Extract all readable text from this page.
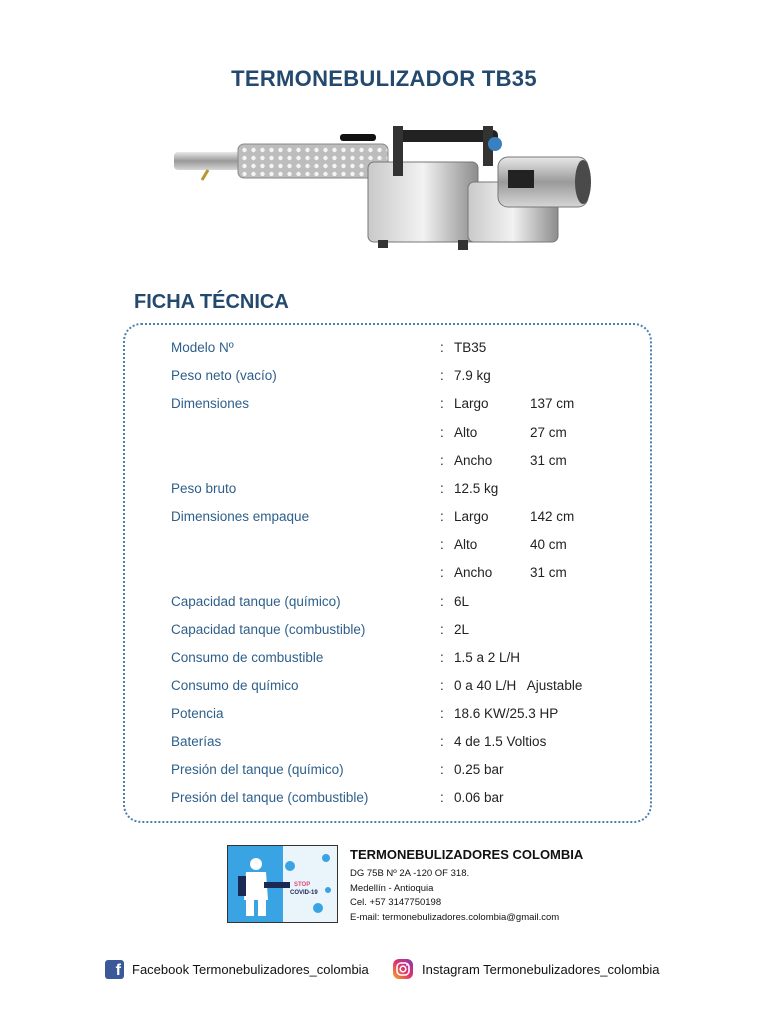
TERMONEBULIZADOR TB35
FICHA TÉCNICA
Modelo Nº	: TB35
Peso neto (vacío)	: 7.9 kg
Dimensiones	: Largo	137 cm
: Alto	27 cm
: Ancho	31 cm
Peso bruto	: 12.5 kg
Dimensiones empaque	: Largo	142 cm
: Alto	40 cm
: Ancho	31 cm
Capacidad tanque (químico)	: 6L
Capacidad tanque (combustible)	: 2L
Consumo de combustible	: 1.5 a 2 L/H
Consumo de químico	: 0 a 40 L/H   Ajustable
Potencia	: 18.6 KW/25.3 HP
Baterías	: 4 de 1.5 Voltios
Presión del tanque (químico)	: 0.25 bar
Presión del tanque (combustible)	: 0.06 bar
STOP
COVID-19
TERMONEBULIZADORES COLOMBIA
DG 75B Nº 2A -120 OF 318.
Medellín - Antioquia
Cel. +57 3147750198
E-mail: termonebulizadores.colombia@gmail.com
f Facebook Termonebulizadores_colombia	Instagram Termonebulizadores_colombia
